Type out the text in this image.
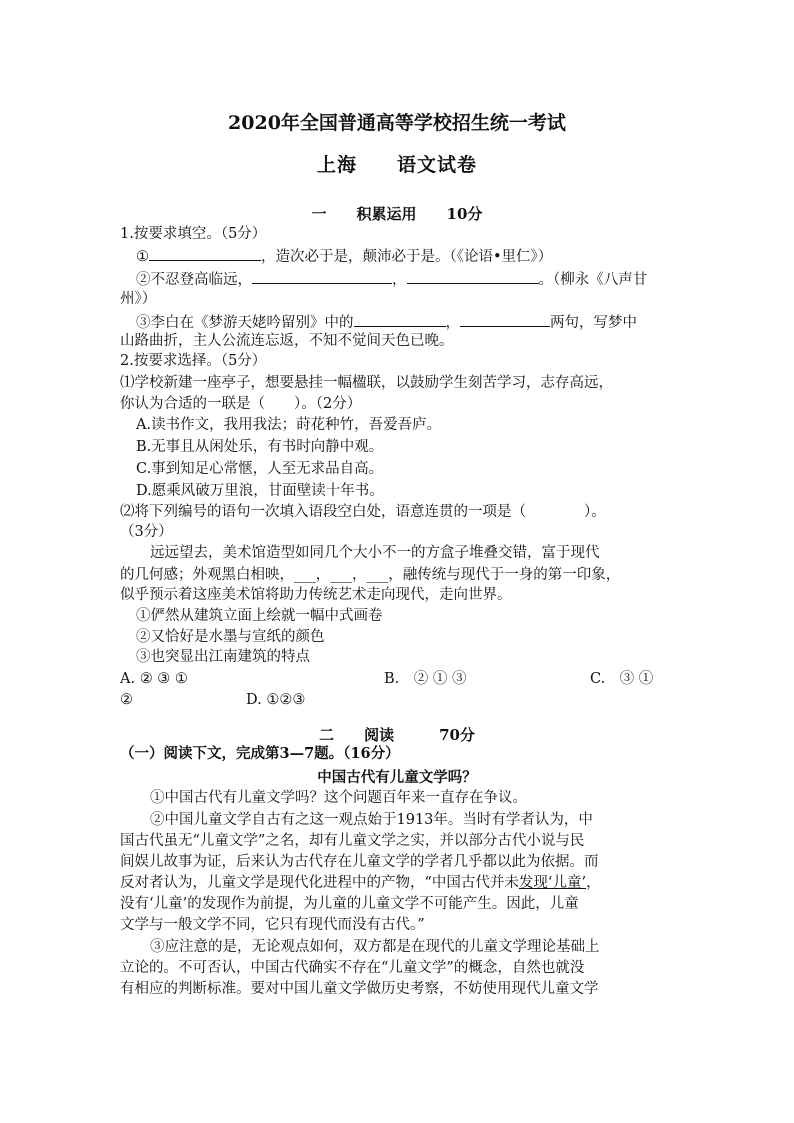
2020年全国普通高等学校招生统一考试
上海　　语文试卷
一　　积累运用　　10分
1.按要求填空。（5分）
①	，造次必于是，颠沛必于是。（《论语•里仁》）
②不忍登高临远，	，	。（柳永《八声甘
州》）
③李白在《梦游天姥吟留别》中的	，	两句，写梦中
山路曲折，主人公流连忘返，不知不觉间天色已晚。
2.按要求选择。（5分）
⑴学校新建一座亭子，想要悬挂一幅楹联，以鼓励学生刻苦学习，志存高远，
你认为合适的一联是（　　）。（2分）
A.读书作文，我用我法；莳花种竹，吾爱吾庐。
B.无事且从闲处乐，有书时向静中观。
C.事到知足心常惬，人至无求品自高。
D.愿乘风破万里浪，甘面壁读十年书。
⑵将下列编号的语句一次填入语段空白处，语意连贯的一项是（　　　　）。
（3分）
远远望去，美术馆造型如同几个大小不一的方盒子堆叠交错，富于现代
的几何感；外观黑白相映，___，___，___，融传统与现代于一身的第一印象，
似乎预示着这座美术馆将助力传统艺术走向现代，走向世界。
①俨然从建筑立面上绘就一幅中式画卷
②又恰好是水墨与宣纸的颜色
③也突显出江南建筑的特点
A. ② ③ ①	B.　② ① ③	C.　③ ①
②	D. ①②③
二　　阅读　　　70分
（一）阅读下文，完成第3—7题。（16分）
中国古代有儿童文学吗？
①中国古代有儿童文学吗？这个问题百年来一直存在争议。
②中国儿童文学自古有之这一观点始于1913年。当时有学者认为，中
国古代虽无“儿童文学”之名，却有儿童文学之实，并以部分古代小说与民
间娱儿故事为证，后来认为古代存在儿童文学的学者几乎都以此为依据。而
反对者认为，儿童文学是现代化进程中的产物，“中国古代并未发现‘儿童’，
没有‘儿童’的发现作为前提，为儿童的儿童文学不可能产生。因此，儿童
文学与一般文学不同，它只有现代而没有古代。”
③应注意的是，无论观点如何，双方都是在现代的儿童文学理论基础上
立论的。不可否认，中国古代确实不存在“儿童文学”的概念，自然也就没
有相应的判断标准。要对中国儿童文学做历史考察，不妨使用现代儿童文学
